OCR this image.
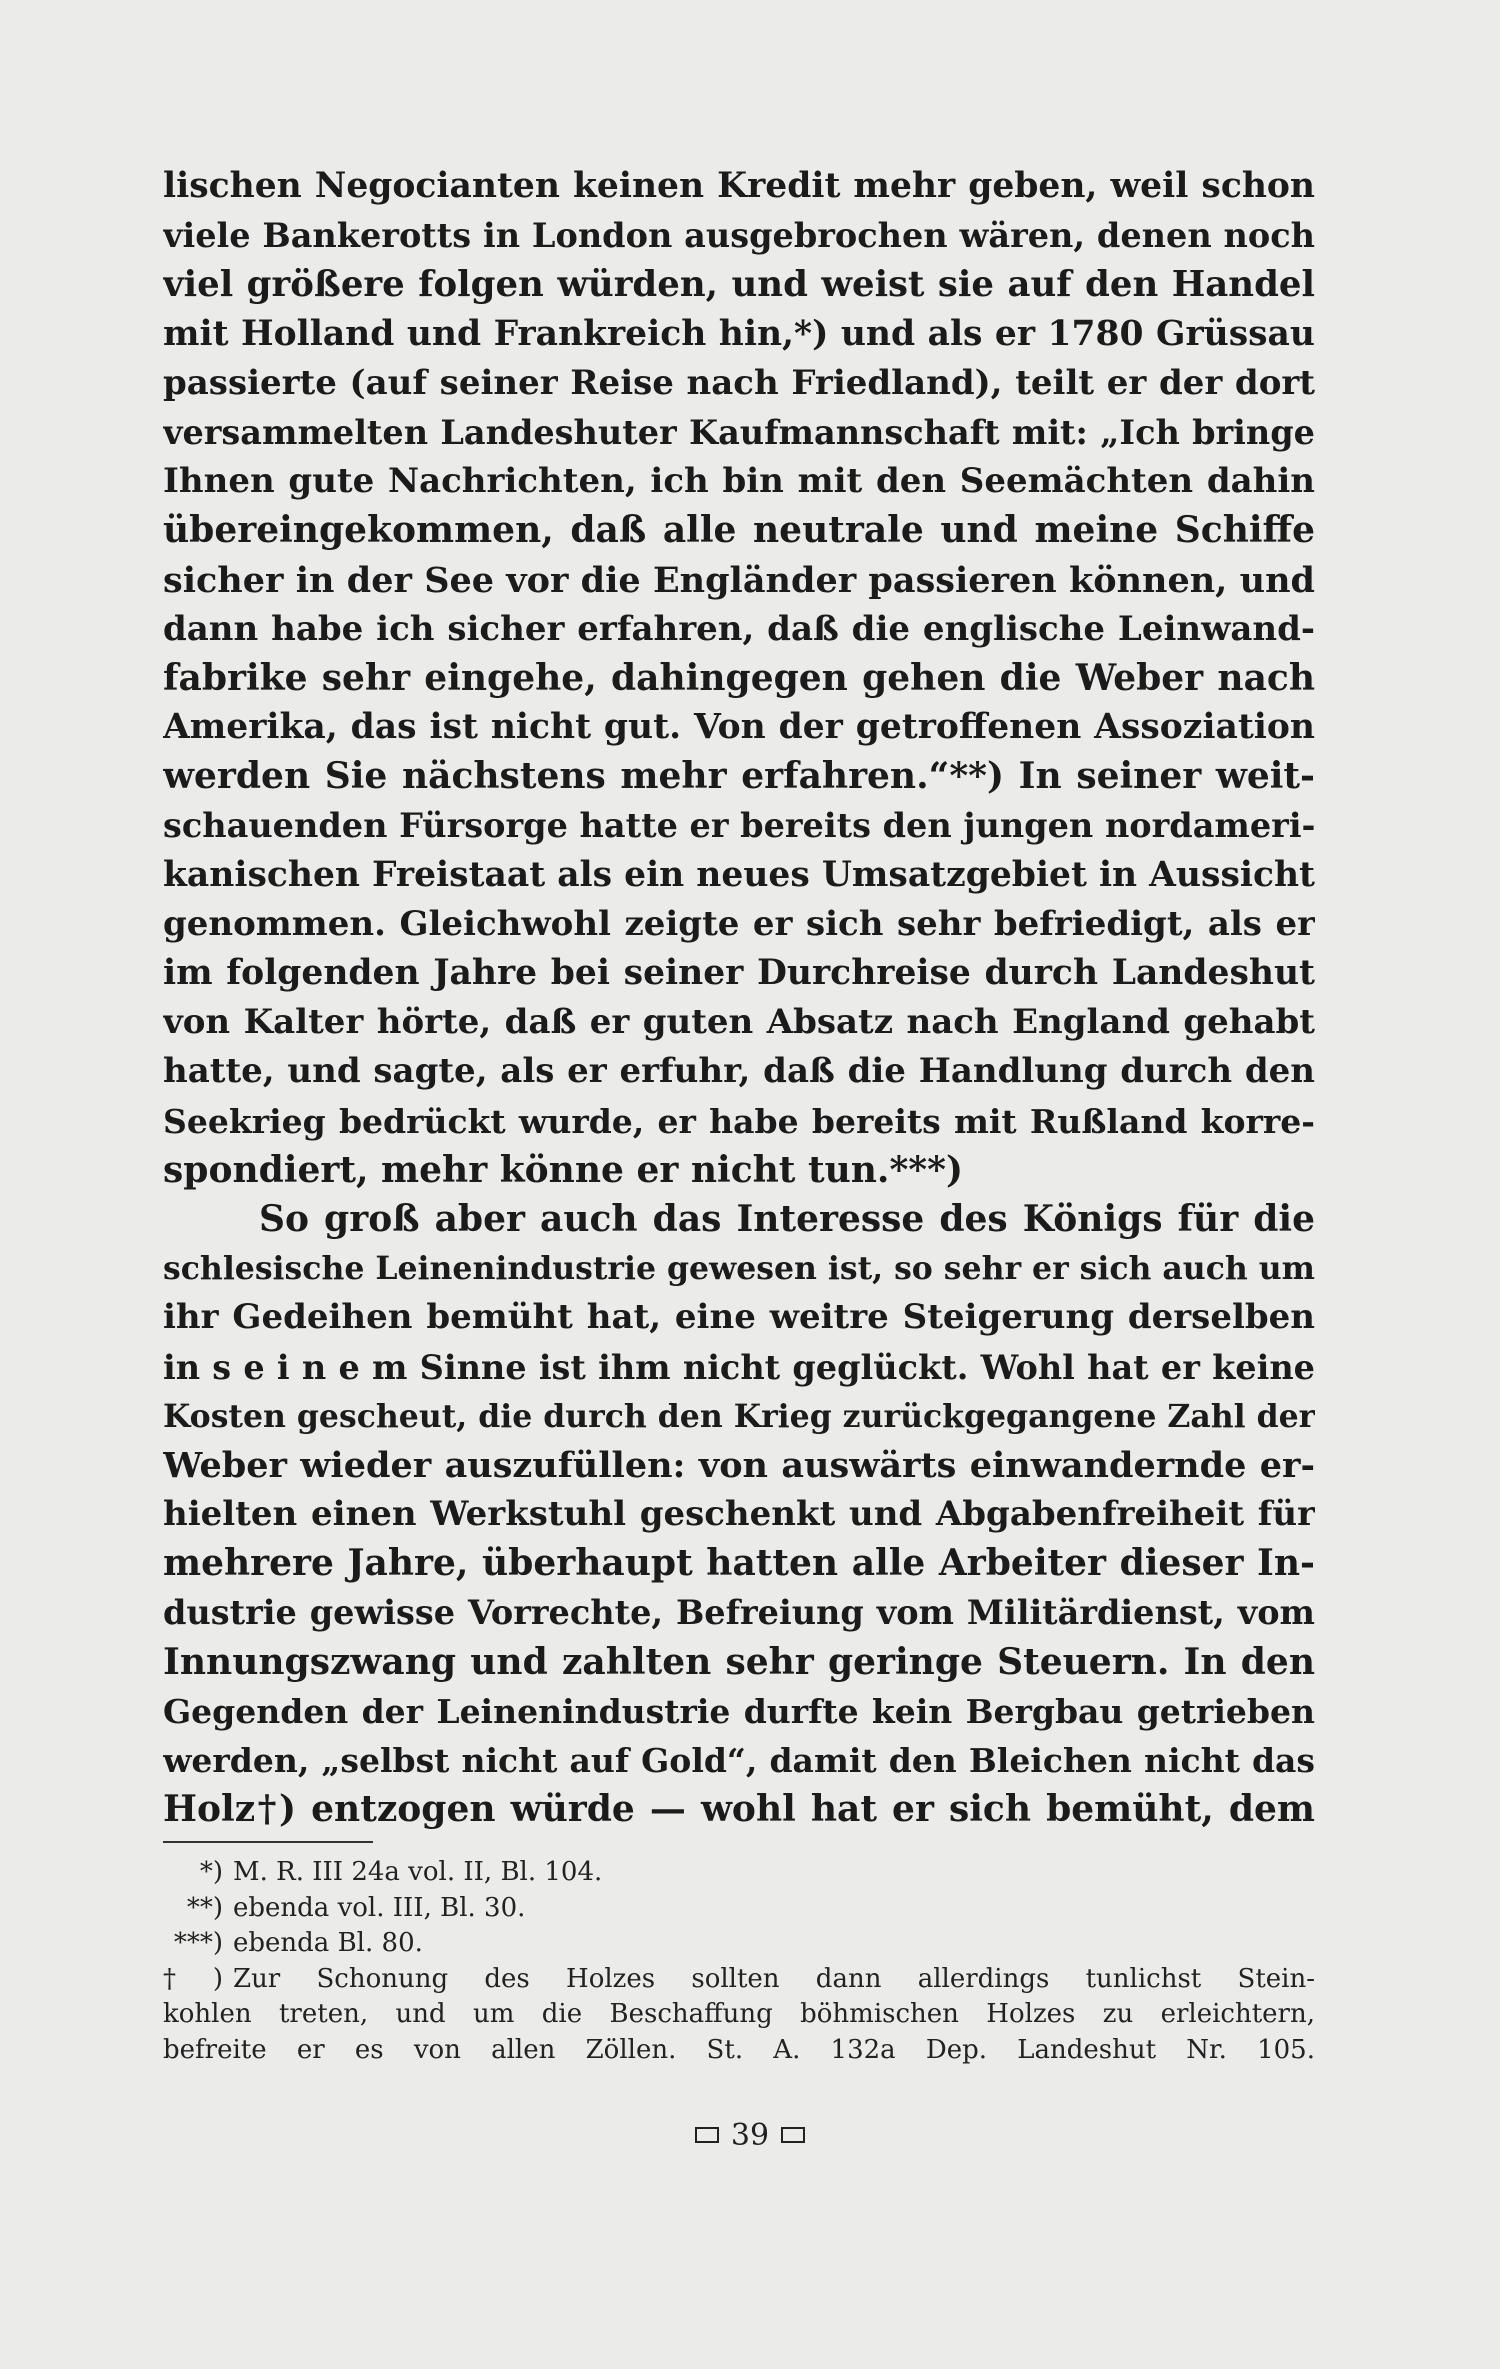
lischen Negocianten keinen Kredit mehr geben, weil schon
viele Bankerotts in London ausgebrochen wären, denen noch
viel größere folgen würden, und weist sie auf den Handel
mit Holland und Frankreich hin,*) und als er 1780 Grüssau
passierte (auf seiner Reise nach Friedland), teilt er der dort
versammelten Landeshuter Kaufmannschaft mit: „Ich bringe
Ihnen gute Nachrichten, ich bin mit den Seemächten dahin
übereingekommen, daß alle neutrale und meine Schiffe
sicher in der See vor die Engländer passieren können, und
dann habe ich sicher erfahren, daß die englische Leinwand-
fabrike sehr eingehe, dahingegen gehen die Weber nach
Amerika, das ist nicht gut. Von der getroffenen Assoziation
werden Sie nächstens mehr erfahren.“**) In seiner weit-
schauenden Fürsorge hatte er bereits den jungen nordameri-
kanischen Freistaat als ein neues Umsatzgebiet in Aussicht
genommen. Gleichwohl zeigte er sich sehr befriedigt, als er
im folgenden Jahre bei seiner Durchreise durch Landeshut
von Kalter hörte, daß er guten Absatz nach England gehabt
hatte, und sagte, als er erfuhr, daß die Handlung durch den
Seekrieg bedrückt wurde, er habe bereits mit Rußland korre-
spondiert, mehr könne er nicht tun.***)
So groß aber auch das Interesse des Königs für die
schlesische Leinenindustrie gewesen ist, so sehr er sich auch um
ihr Gedeihen bemüht hat, eine weitre Steigerung derselben
in s e i n e m Sinne ist ihm nicht geglückt. Wohl hat er keine
Kosten gescheut, die durch den Krieg zurückgegangene Zahl der
Weber wieder auszufüllen: von auswärts einwandernde er-
hielten einen Werkstuhl geschenkt und Abgabenfreiheit für
mehrere Jahre, überhaupt hatten alle Arbeiter dieser In-
dustrie gewisse Vorrechte, Befreiung vom Militärdienst, vom
Innungszwang und zahlten sehr geringe Steuern. In den
Gegenden der Leinenindustrie durfte kein Bergbau getrieben
werden, „selbst nicht auf Gold“, damit den Bleichen nicht das
Holz†) entzogen würde — wohl hat er sich bemüht, dem
*) M. R. III 24a vol. II, Bl. 104.
**) ebenda vol. III, Bl. 30.
***) ebenda Bl. 80.
†) Zur Schonung des Holzes sollten dann allerdings tunlichst Stein-
kohlen treten, und um die Beschaffung böhmischen Holzes zu erleichtern,
befreite er es von allen Zöllen. St. A. 132a Dep. Landeshut Nr. 105.
39
